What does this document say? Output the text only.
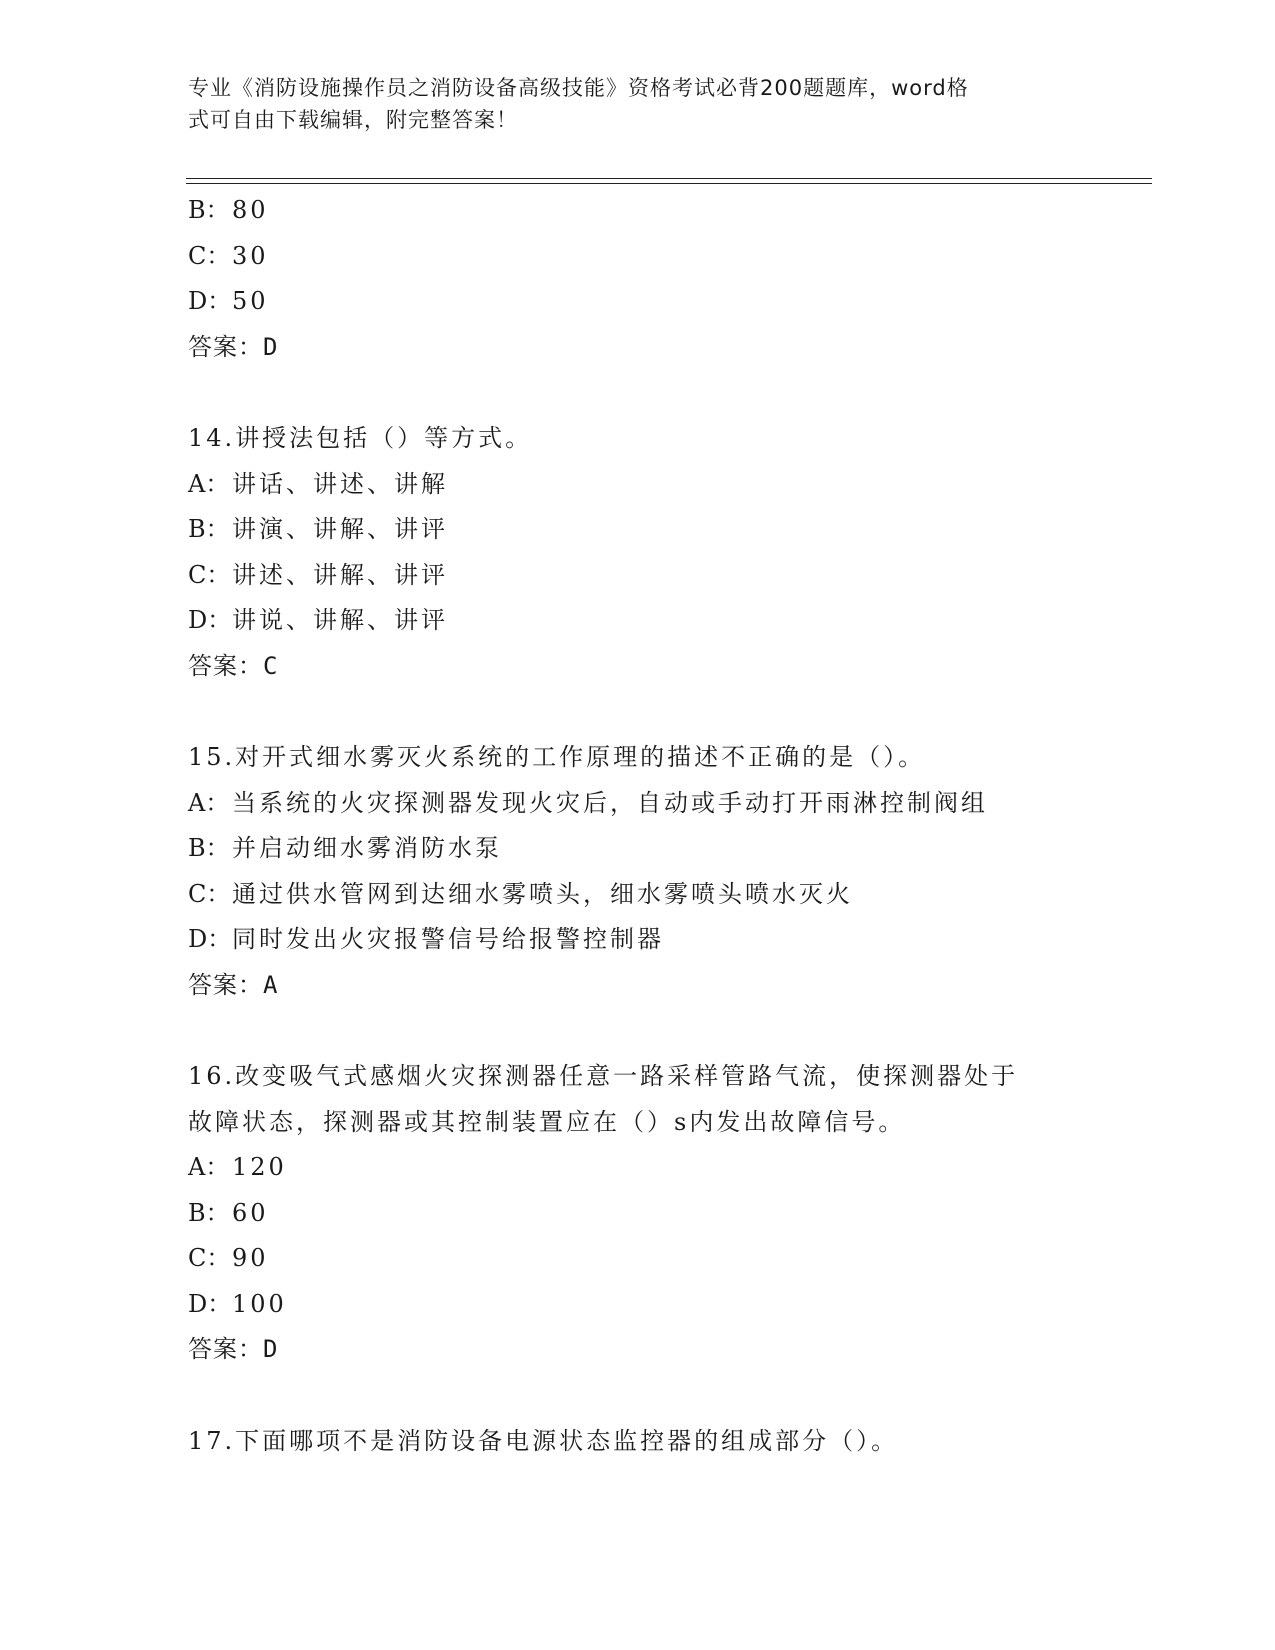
专业《消防设施操作员之消防设备高级技能》资格考试必背200题题库，word格
式可自由下载编辑，附完整答案！
B：80
C：30
D：50
答案：D
14.讲授法包括（）等方式。
A： 讲话、讲述、讲解
B：讲演、讲解、讲评
C：讲述、讲解、讲评
D：讲说、讲解、讲评
答案：C
15.对开式细水雾灭火系统的工作原理的描述不正确的是（）。
A： 当系统的火灾探测器发现火灾后，自动或手动打开雨淋控制阀组
B：并启动细水雾消防水泵
C：通过供水管网到达细水雾喷头，细水雾喷头喷水灭火
D：同时发出火灾报警信号给报警控制器
答案：A
16.改变吸气式感烟火灾探测器任意一路采样管路气流，使探测器处于
故障状态，探测器或其控制装置应在（）s内发出故障信号。
A： 120
B：60
C：90
D：100
答案：D
17.下面哪项不是消防设备电源状态监控器的组成部分（）。
